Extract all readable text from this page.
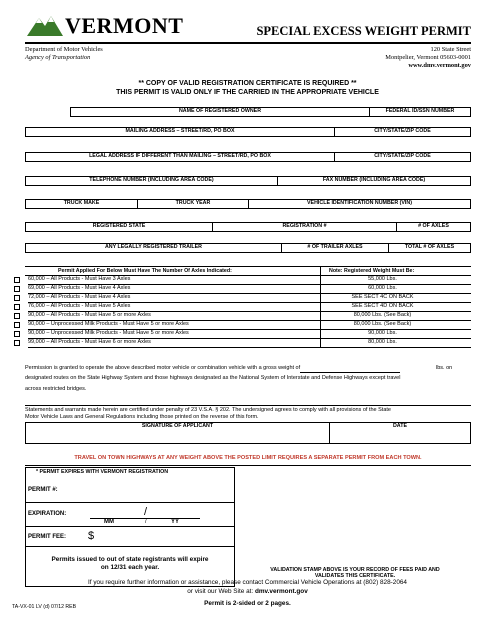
VERMONT	SPECIAL EXCESS WEIGHT PERMIT
Department of Motor Vehicles
Agency of Transportation
120 State Street
Montpelier, Vermont 05603-0001
www.dmv.vermont.gov
** COPY OF VALID REGISTRATION CERTIFICATE IS REQUIRED **
THIS PERMIT IS VALID ONLY IF THE CARRIED IN THE APPROPRIATE VEHICLE
NAME OF REGISTERED OWNER	FEDERAL ID/SSN NUMBER
MAILING ADDRESS – STREET/RD, PO BOX	CITY/STATE/ZIP CODE
LEGAL ADDRESS IF DIFFERENT THAN MAILING – STREET/RD, PO BOX	CITY/STATE/ZIP CODE
TELEPHONE NUMBER (INCLUDING AREA CODE)	FAX NUMBER (INCLUDING AREA CODE)
TRUCK MAKE	TRUCK YEAR	VEHICLE IDENTIFICATION NUMBER (VIN)
REGISTERED STATE	REGISTRATION #	# OF AXLES
ANY LEGALLY REGISTERED TRAILER	# OF TRAILER AXLES	TOTAL # OF AXLES
Permit Applied For Below Must Have The Number Of Axles Indicated:	Note: Registered Weight Must Be:
60,000 – All Products - Must Have 3 Axles	55,000 Lbs.
69,000 – All Products - Must Have 4 Axles	60,000 Lbs.
72,000 – All Products - Must Have 4 Axles	SEE SECT 4C ON BACK
76,000 – All Products - Must Have 5 Axles	SEE SECT 4D ON BACK
90,000 – All Products - Must Have 5 or more Axles	80,000 Lbs. (See Back)
90,000 – Unprocessed Milk Products - Must Have 5 or more Axles	80,000 Lbs. (See Back)
90,000 – Unprocessed Milk Products - Must Have 5 or more Axles	90,000 Lbs.
99,000 – All Products - Must Have 6 or more Axles	80,000 Lbs.
Permission is granted to operate the above described motor vehicle or combination vehicle with a gross weight of	lbs. on
designated routes on the State Highway System and those highways designated as the National System of Interstate and Defense Highways except travel
across restricted bridges.
Statements and warrants made herein are certified under penalty of 23 V.S.A. § 202. The undersigned agrees to comply with all provisions of the State
Motor Vehicle Laws and General Regulations including those printed on the reverse of this form.
SIGNATURE OF APPLICANT	DATE
TRAVEL ON TOWN HIGHWAYS AT ANY WEIGHT ABOVE THE POSTED LIMIT REQUIRES A SEPARATE PERMIT FROM EACH TOWN.
* PERMIT EXPIRES WITH VERMONT REGISTRATION
PERMIT #:
EXPIRATION:	/
MM	/	YY
PERMIT FEE: $
Permits issued to out of state registrants will expire
on 12/31 each year.	VALIDATION STAMP ABOVE IS YOUR RECORD OF FEES PAID AND
VALIDATES THIS CERTIFICATE.
If you require further information or assistance, please contact Commercial Vehicle Operations at (802) 828-2064
or visit our Web Site at: dmv.vermont.gov
TA-VX-01 LV (d) 07/12 REB	Permit is 2-sided or 2 pages.
